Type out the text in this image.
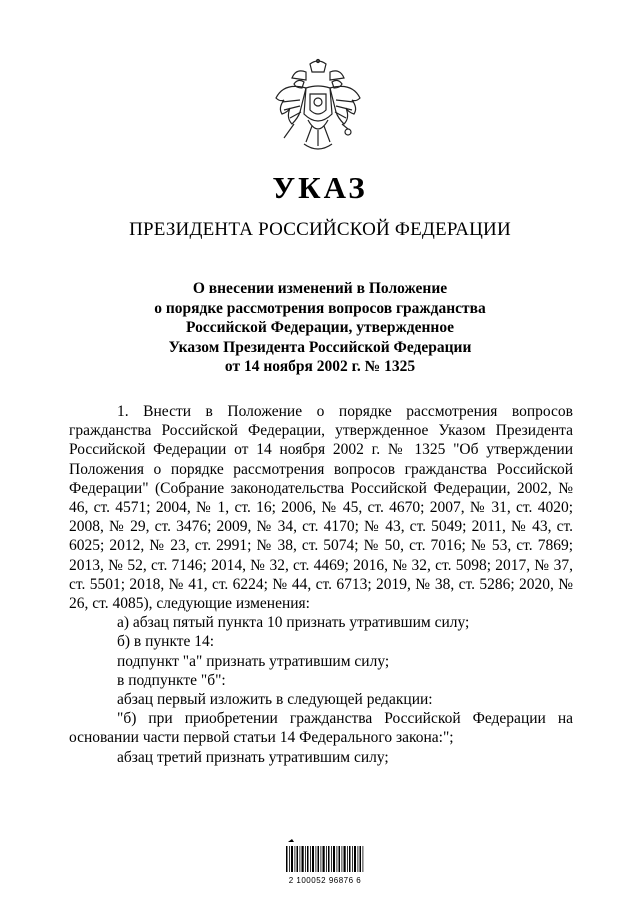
УКАЗ
ПРЕЗИДЕНТА РОССИЙСКОЙ ФЕДЕРАЦИИ
О внесении изменений в Положение
о порядке рассмотрения вопросов гражданства
Российской Федерации, утвержденное
Указом Президента Российской Федерации
от 14 ноября 2002 г. № 1325

1. Внести в Положение о порядке рассмотрения вопросов гражданства Российской Федерации, утвержденное Указом Президента Российской Федерации от 14 ноября 2002 г. № 1325 "Об утверждении Положения о порядке рассмотрения вопросов гражданства Российской Федерации" (Собрание законодательства Российской Федерации, 2002, № 46, ст. 4571; 2004, № 1, ст. 16; 2006, № 45, ст. 4670; 2007, № 31, ст. 4020; 2008, № 29, ст. 3476; 2009, № 34, ст. 4170; № 43, ст. 5049; 2011, № 43, ст. 6025; 2012, № 23, ст. 2991; № 38, ст. 5074; № 50, ст. 7016; № 53, ст. 7869; 2013, № 52, ст. 7146; 2014, № 32, ст. 4469; 2016, № 32, ст. 5098; 2017, № 37, ст. 5501; 2018, № 41, ст. 6224; № 44, ст. 6713; 2019, № 38, ст. 5286; 2020, № 26, ст. 4085), следующие изменения:

а) абзац пятый пункта 10 признать утратившим силу;

б) в пункте 14:

подпункт "а" признать утратившим силу;

в подпункте "б":

абзац первый изложить в следующей редакции:

"б) при приобретении гражданства Российской Федерации на основании части первой статьи 14 Федерального закона:";

абзац третий признать утратившим силу;

2 100052 96876 6
